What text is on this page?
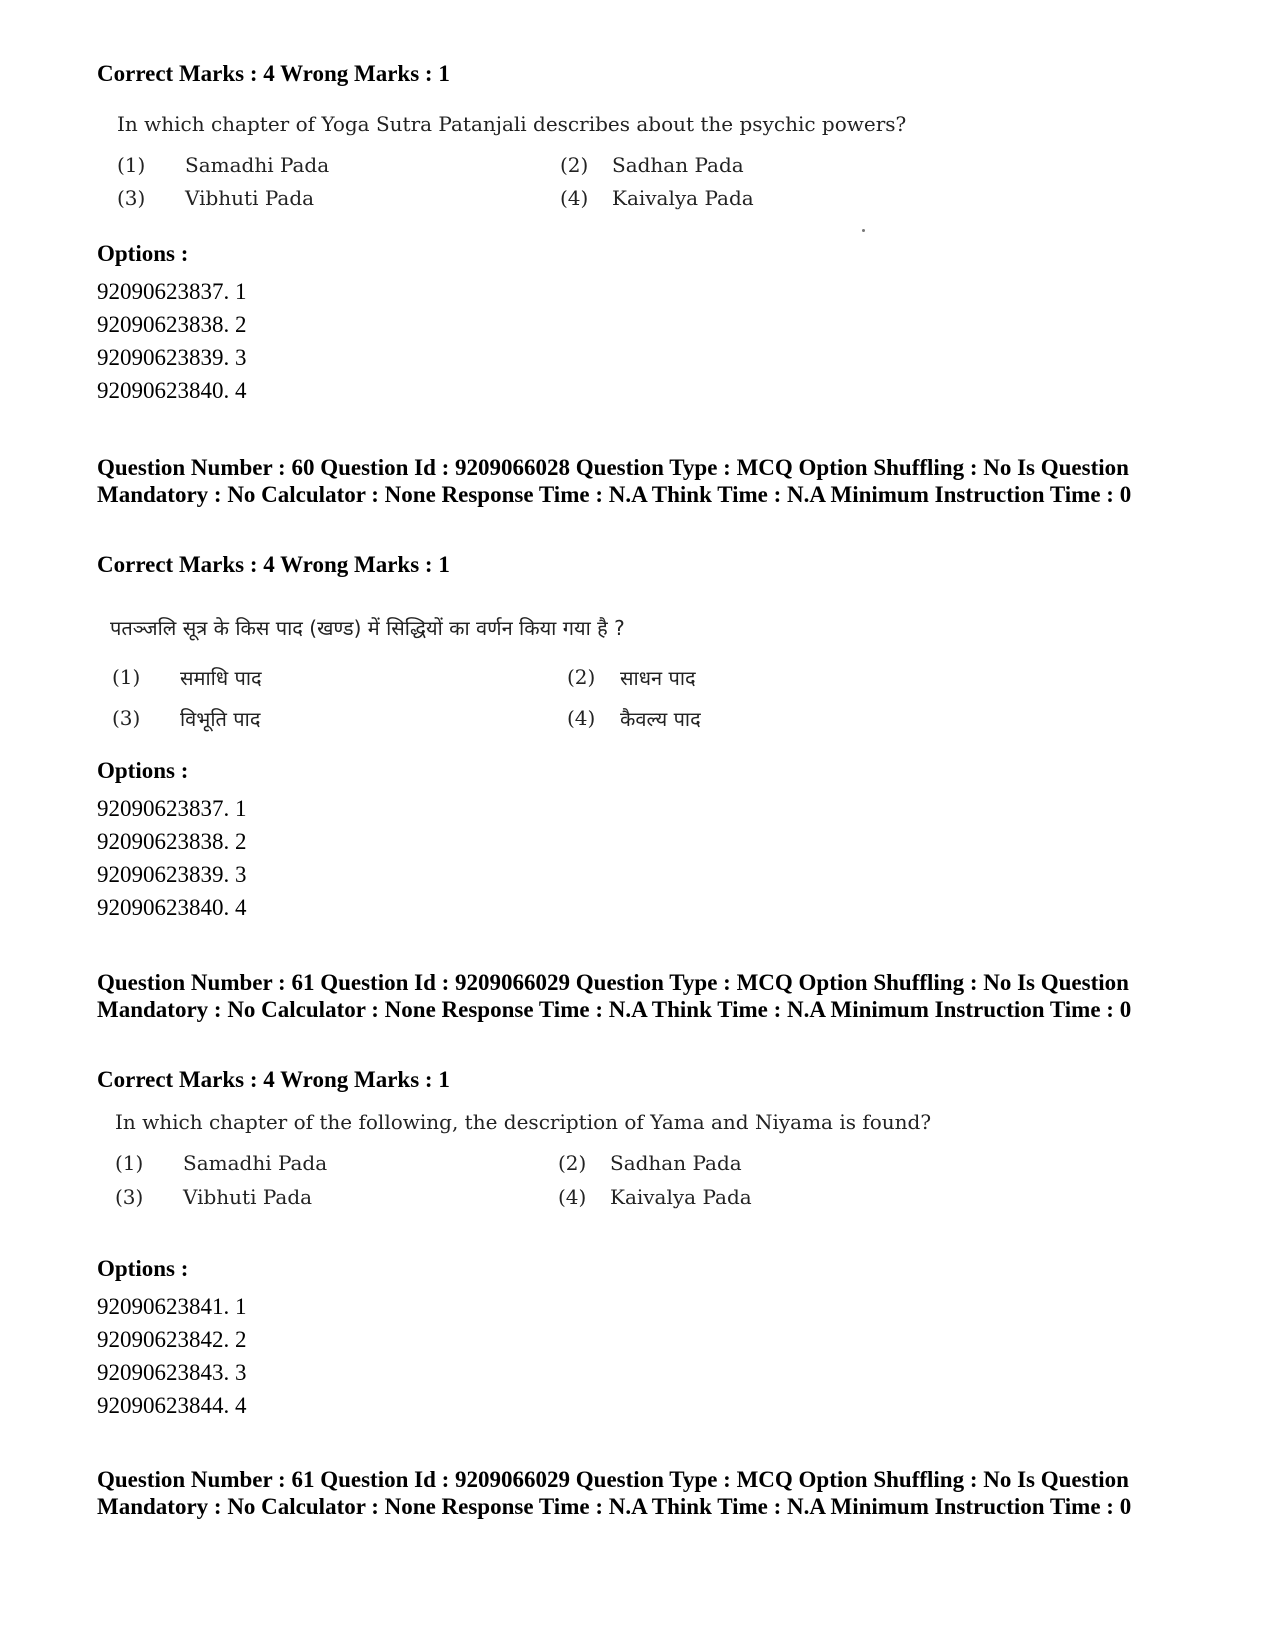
Correct Marks : 4 Wrong Marks : 1
In which chapter of Yoga Sutra Patanjali describes about the psychic powers?
(1) Samadhi Pada	(2) Sadhan Pada
(3) Vibhuti Pada	(4) Kaivalya Pada
Options :
92090623837. 1
92090623838. 2
92090623839. 3
92090623840. 4
Question Number : 60 Question Id : 9209066028 Question Type : MCQ Option Shuffling : No Is Question Mandatory : No Calculator : None Response Time : N.A Think Time : N.A Minimum Instruction Time : 0
Correct Marks : 4 Wrong Marks : 1
पतञ्जलि सूत्र के किस पाद (खण्ड) में सिद्धियों का वर्णन किया गया है ?
(1) समाधि पाद	(2) साधन पाद
(3) विभूति पाद	(4) कैवल्य पाद
Options :
92090623837. 1
92090623838. 2
92090623839. 3
92090623840. 4
Question Number : 61 Question Id : 9209066029 Question Type : MCQ Option Shuffling : No Is Question Mandatory : No Calculator : None Response Time : N.A Think Time : N.A Minimum Instruction Time : 0
Correct Marks : 4 Wrong Marks : 1
In which chapter of the following, the description of Yama and Niyama is found?
(1) Samadhi Pada	(2) Sadhan Pada
(3) Vibhuti Pada	(4) Kaivalya Pada
Options :
92090623841. 1
92090623842. 2
92090623843. 3
92090623844. 4
Question Number : 61 Question Id : 9209066029 Question Type : MCQ Option Shuffling : No Is Question Mandatory : No Calculator : None Response Time : N.A Think Time : N.A Minimum Instruction Time : 0
